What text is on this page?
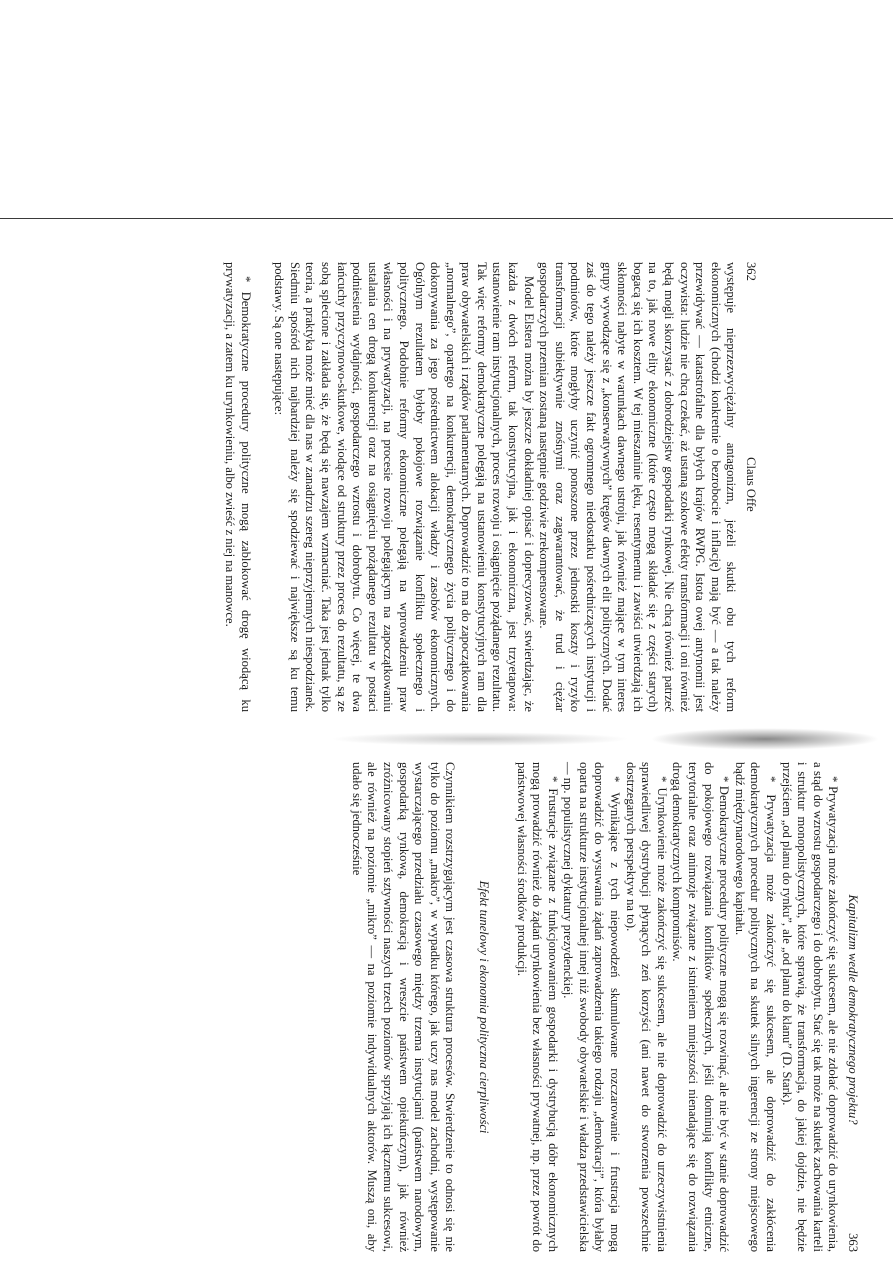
362
Claus Offe

występuje nieprzezwyciężalny antagonizm, jeżeli skutki obu tych reform ekonomicznych (chodzi konkretnie o bezrobocie i inflację) mają być — a tak należy przewidywać — katastrofalne dla byłych krajów RWPG. Istota owej antynomii jest oczywista: ludzie nie chcą czekać, aż ustaną szokowe efekty transformacji i oni również będą mogli skorzystać z dobrodziejstw gospodarki rynkowej. Nie chcą również patrzeć na to, jak nowe elity ekonomiczne (które często mogą składać się z części starych) bogacą się ich kosztem. W tej mieszaninie lęku, resentymentu i zawiści utwierdzają ich skłonności nabyte w warunkach dawnego ustroju, jak również mające w tym interes grupy wywodzące się z „konserwatywnych” kręgów dawnych elit politycznych. Dodać zaś do tego należy jeszcze fakt ogromnego niedostatku pośredniczących instytucji i podmiotów, które mogłyby uczynić ponoszone przez jednostki koszty i ryzyko transformacji subiektywnie znośnymi oraz zagwarantować, że trud i ciężar gospodarczych przemian zostaną następnie godziwie zrekompensowane.

Model Elstera można by jeszcze dokładniej opisać i doprecyzować, stwierdzając, że każda z dwóch reform, tak konstytucyjna, jak i ekonomiczna, jest trzyetapowa: ustanowienie ram instytucjonalnych, proces rozwoju i osiągnięcie pożądanego rezultatu. Tak więc reformy demokratyczne polegają na ustanowieniu konstytucyjnych ram dla praw obywatelskich i rządów parlamentarnych. Doprowadzić to ma do zapoczątkowania „normalnego”, opartego na konkurencji, demokratycznego życia politycznego i do dokonywania za jego pośrednictwem alokacji władzy i zasobów ekonomicznych. Ogólnym rezultatem byłoby pokojowe rozwiązanie konfliktu społecznego i politycznego. Podobnie reformy ekonomiczne polegają na wprowadzeniu praw własności i na prywatyzacji, na procesie rozwoju polegającym na zapoczątkowaniu ustalania cen drogą konkurencji oraz na osiągnięciu pożądanego rezultatu w postaci podniesienia wydajności, gospodarczego wzrostu i dobrobytu. Co więcej, te dwa łańcuchy przyczynowo-skutkowe, wiodące od struktury przez proces do rezultatu, są ze sobą splecione i zakłada się, że będą się nawzajem wzmacniać. Taka jest jednak tylko teoria, a praktyka może mieć dla nas w zanadrzu szereg nieprzyjemnych niespodzianek. Siedmiu spośród nich najbardziej należy się spodziewać i największe są ku temu podstawy. Są one następujące:

* Demokratyczne procedury polityczne mogą zablokować drogę wiodącą ku prywatyzacji, a zatem ku urynkowieniu, albo zwieść z niej na manowce.

Kapitalizm wedle demokratycznego projektu?
363

* Prywatyzacja może zakończyć się sukcesem, ale nie zdołać doprowadzić do urynkowienia, a stąd do wzrostu gospodarczego i do dobrobytu. Stać się tak może na skutek zachowania karteli i struktur monopolistycznych, które sprawią, że transformacja, do jakiej dojdzie, nie będzie przejściem „od planu do rynku”, ale „od planu do klanu” (D. Stark).

* Prywatyzacja może zakończyć się sukcesem, ale doprowadzić do zakłócenia demokratycznych procedur politycznych na skutek silnych ingerencji ze strony miejscowego bądź międzynarodowego kapitału.

* Demokratyczne procedury polityczne mogą się rozwinąć, ale nie być w stanie doprowadzić do pokojowego rozwiązania konfliktów społecznych, jeśli dominują konflikty etniczne, terytorialne oraz animozje związane z istnieniem mniejszości nienadające się do rozwiązania drogą demokratycznych kompromisów.

* Urynkowienie może zakończyć się sukcesem, ale nie doprowadzić do urzeczywistnienia sprawiedliwej dystrybucji płynących zeń korzyści (ani nawet do stworzenia powszechnie dostrzeganych perspektyw na to).

* Wynikające z tych niepowodzeń skumulowane rozczarowanie i frustracja mogą doprowadzić do wysuwania żądań zaprowadzenia takiego rodzaju „demokracji”, która byłaby oparta na strukturze instytucjonalnej innej niż swobody obywatelskie i władza przedstawicielska — np. populistycznej dyktatury prezydenckiej.

* Frustracje związane z funkcjonowaniem gospodarki i dystrybucją dóbr ekonomicznych mogą prowadzić również do żądań urynkowienia bez własności prywatnej, np. przez powrót do państwowej własności środków produkcji.

Efekt tunelowy i ekonomia polityczna cierpliwości

Czynnikiem rozstrzygającym jest czasowa struktura procesów. Stwierdzenie to odnosi się nie tylko do poziomu „makro”, w wypadku którego, jak uczy nas model zachodni, występowanie wystarczającego przedziału czasowego między trzema instytucjami (państwem narodowym, gospodarką rynkową, demokracją i wreszcie państwem opiekuńczym), jak również zróżnicowany stopień sztywności naszych trzech poziomów sprzyjają ich łącznemu sukcesowi, ale również na poziomie „mikro” — na poziomie indywidualnych aktorów. Muszą oni, aby udało się jednocześnie
